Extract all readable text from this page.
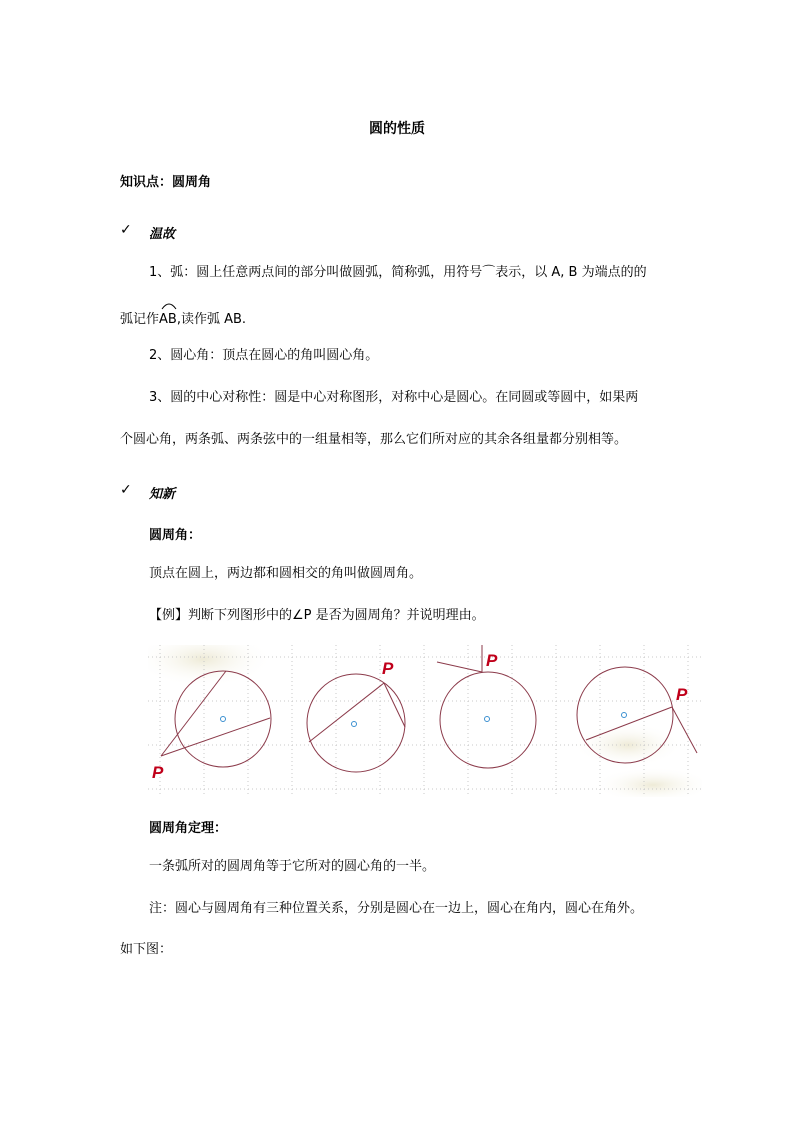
圆的性质
知识点：圆周角
✓ 温故
1、弧：圆上任意两点间的部分叫做圆弧，简称弧，用符号⌒表示，以 A, B 为端点的的
弧记作
AB,读作弧 AB.
2、圆心角：顶点在圆心的角叫圆心角。
3、圆的中心对称性：圆是中心对称图形，对称中心是圆心。在同圆或等圆中，如果两
个圆心角，两条弧、两条弦中的一组量相等，那么它们所对应的其余各组量都分别相等。
✓ 知新
圆周角：
顶点在圆上，两边都和圆相交的角叫做圆周角。
【例】判断下列图形中的∠P 是否为圆周角？并说明理由。
P
P	P
P
圆周角定理：
一条弧所对的圆周角等于它所对的圆心角的一半。
注：圆心与圆周角有三种位置关系，分别是圆心在一边上，圆心在角内，圆心在角外。
如下图：
